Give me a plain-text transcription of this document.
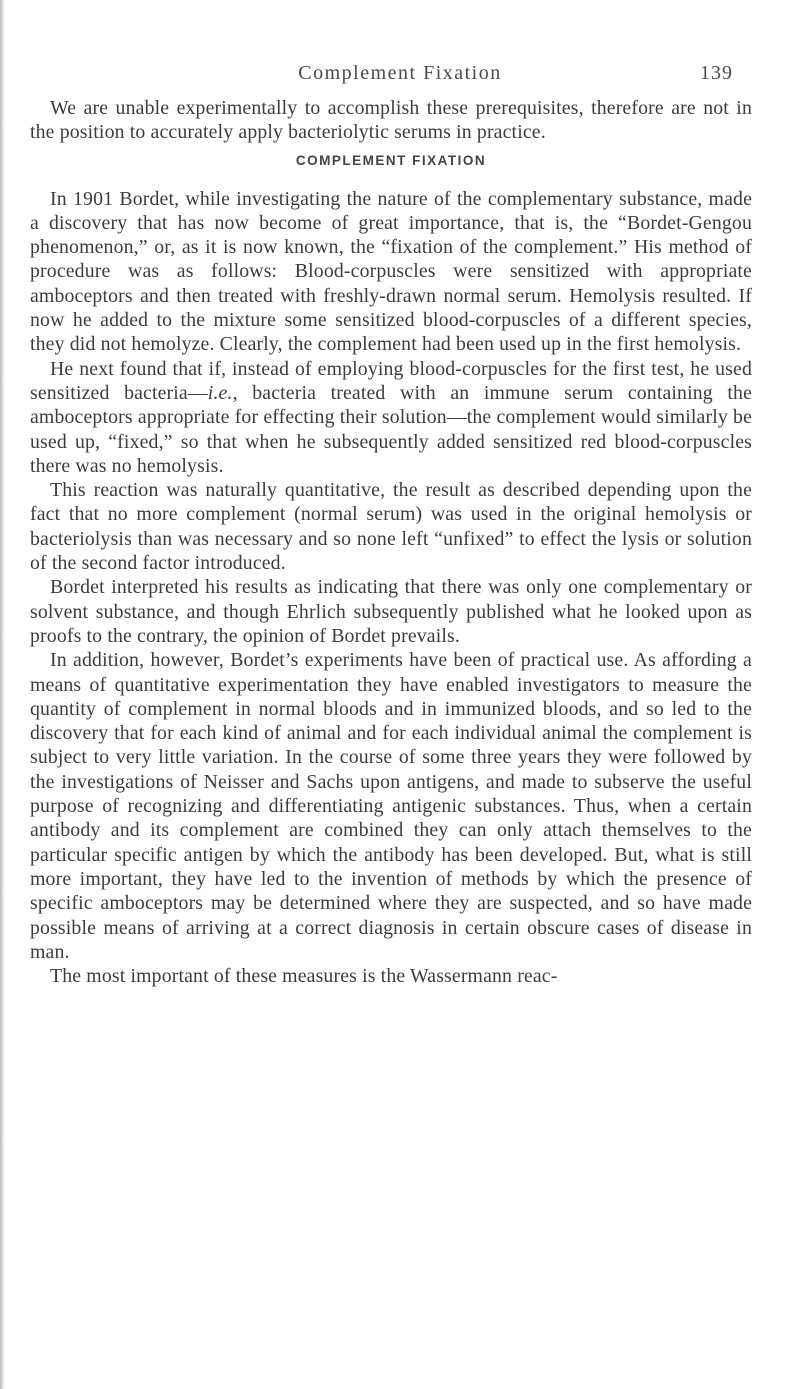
Complement Fixation	139

We are unable experimentally to accomplish these prerequisites, therefore are not in the position to accurately apply bacteriolytic serums in practice.

COMPLEMENT FIXATION

In 1901 Bordet, while investigating the nature of the complementary substance, made a discovery that has now become of great importance, that is, the “Bordet-Gengou phenomenon,” or, as it is now known, the “fixation of the complement.” His method of procedure was as follows: Blood-corpuscles were sensitized with appropriate amboceptors and then treated with freshly-drawn normal serum. Hemolysis resulted. If now he added to the mixture some sensitized blood-corpuscles of a different species, they did not hemolyze. Clearly, the complement had been used up in the first hemolysis.

He next found that if, instead of employing blood-corpuscles for the first test, he used sensitized bacteria—i.e., bacteria treated with an immune serum containing the amboceptors appropriate for effecting their solution—the complement would similarly be used up, “fixed,” so that when he subsequently added sensitized red blood-corpuscles there was no hemolysis.

This reaction was naturally quantitative, the result as described depending upon the fact that no more complement (normal serum) was used in the original hemolysis or bacteriolysis than was necessary and so none left “unfixed” to effect the lysis or solution of the second factor introduced.

Bordet interpreted his results as indicating that there was only one complementary or solvent substance, and though Ehrlich subsequently published what he looked upon as proofs to the contrary, the opinion of Bordet prevails.

In addition, however, Bordet’s experiments have been of practical use. As affording a means of quantitative experimentation they have enabled investigators to measure the quantity of complement in normal bloods and in immunized bloods, and so led to the discovery that for each kind of animal and for each individual animal the complement is subject to very little variation. In the course of some three years they were followed by the investigations of Neisser and Sachs upon antigens, and made to subserve the useful purpose of recognizing and differentiating antigenic substances. Thus, when a certain antibody and its complement are combined they can only attach themselves to the particular specific antigen by which the antibody has been developed. But, what is still more important, they have led to the invention of methods by which the presence of specific amboceptors may be determined where they are suspected, and so have made possible means of arriving at a correct diagnosis in certain obscure cases of disease in man.

The most important of these measures is the Wassermann reac-
